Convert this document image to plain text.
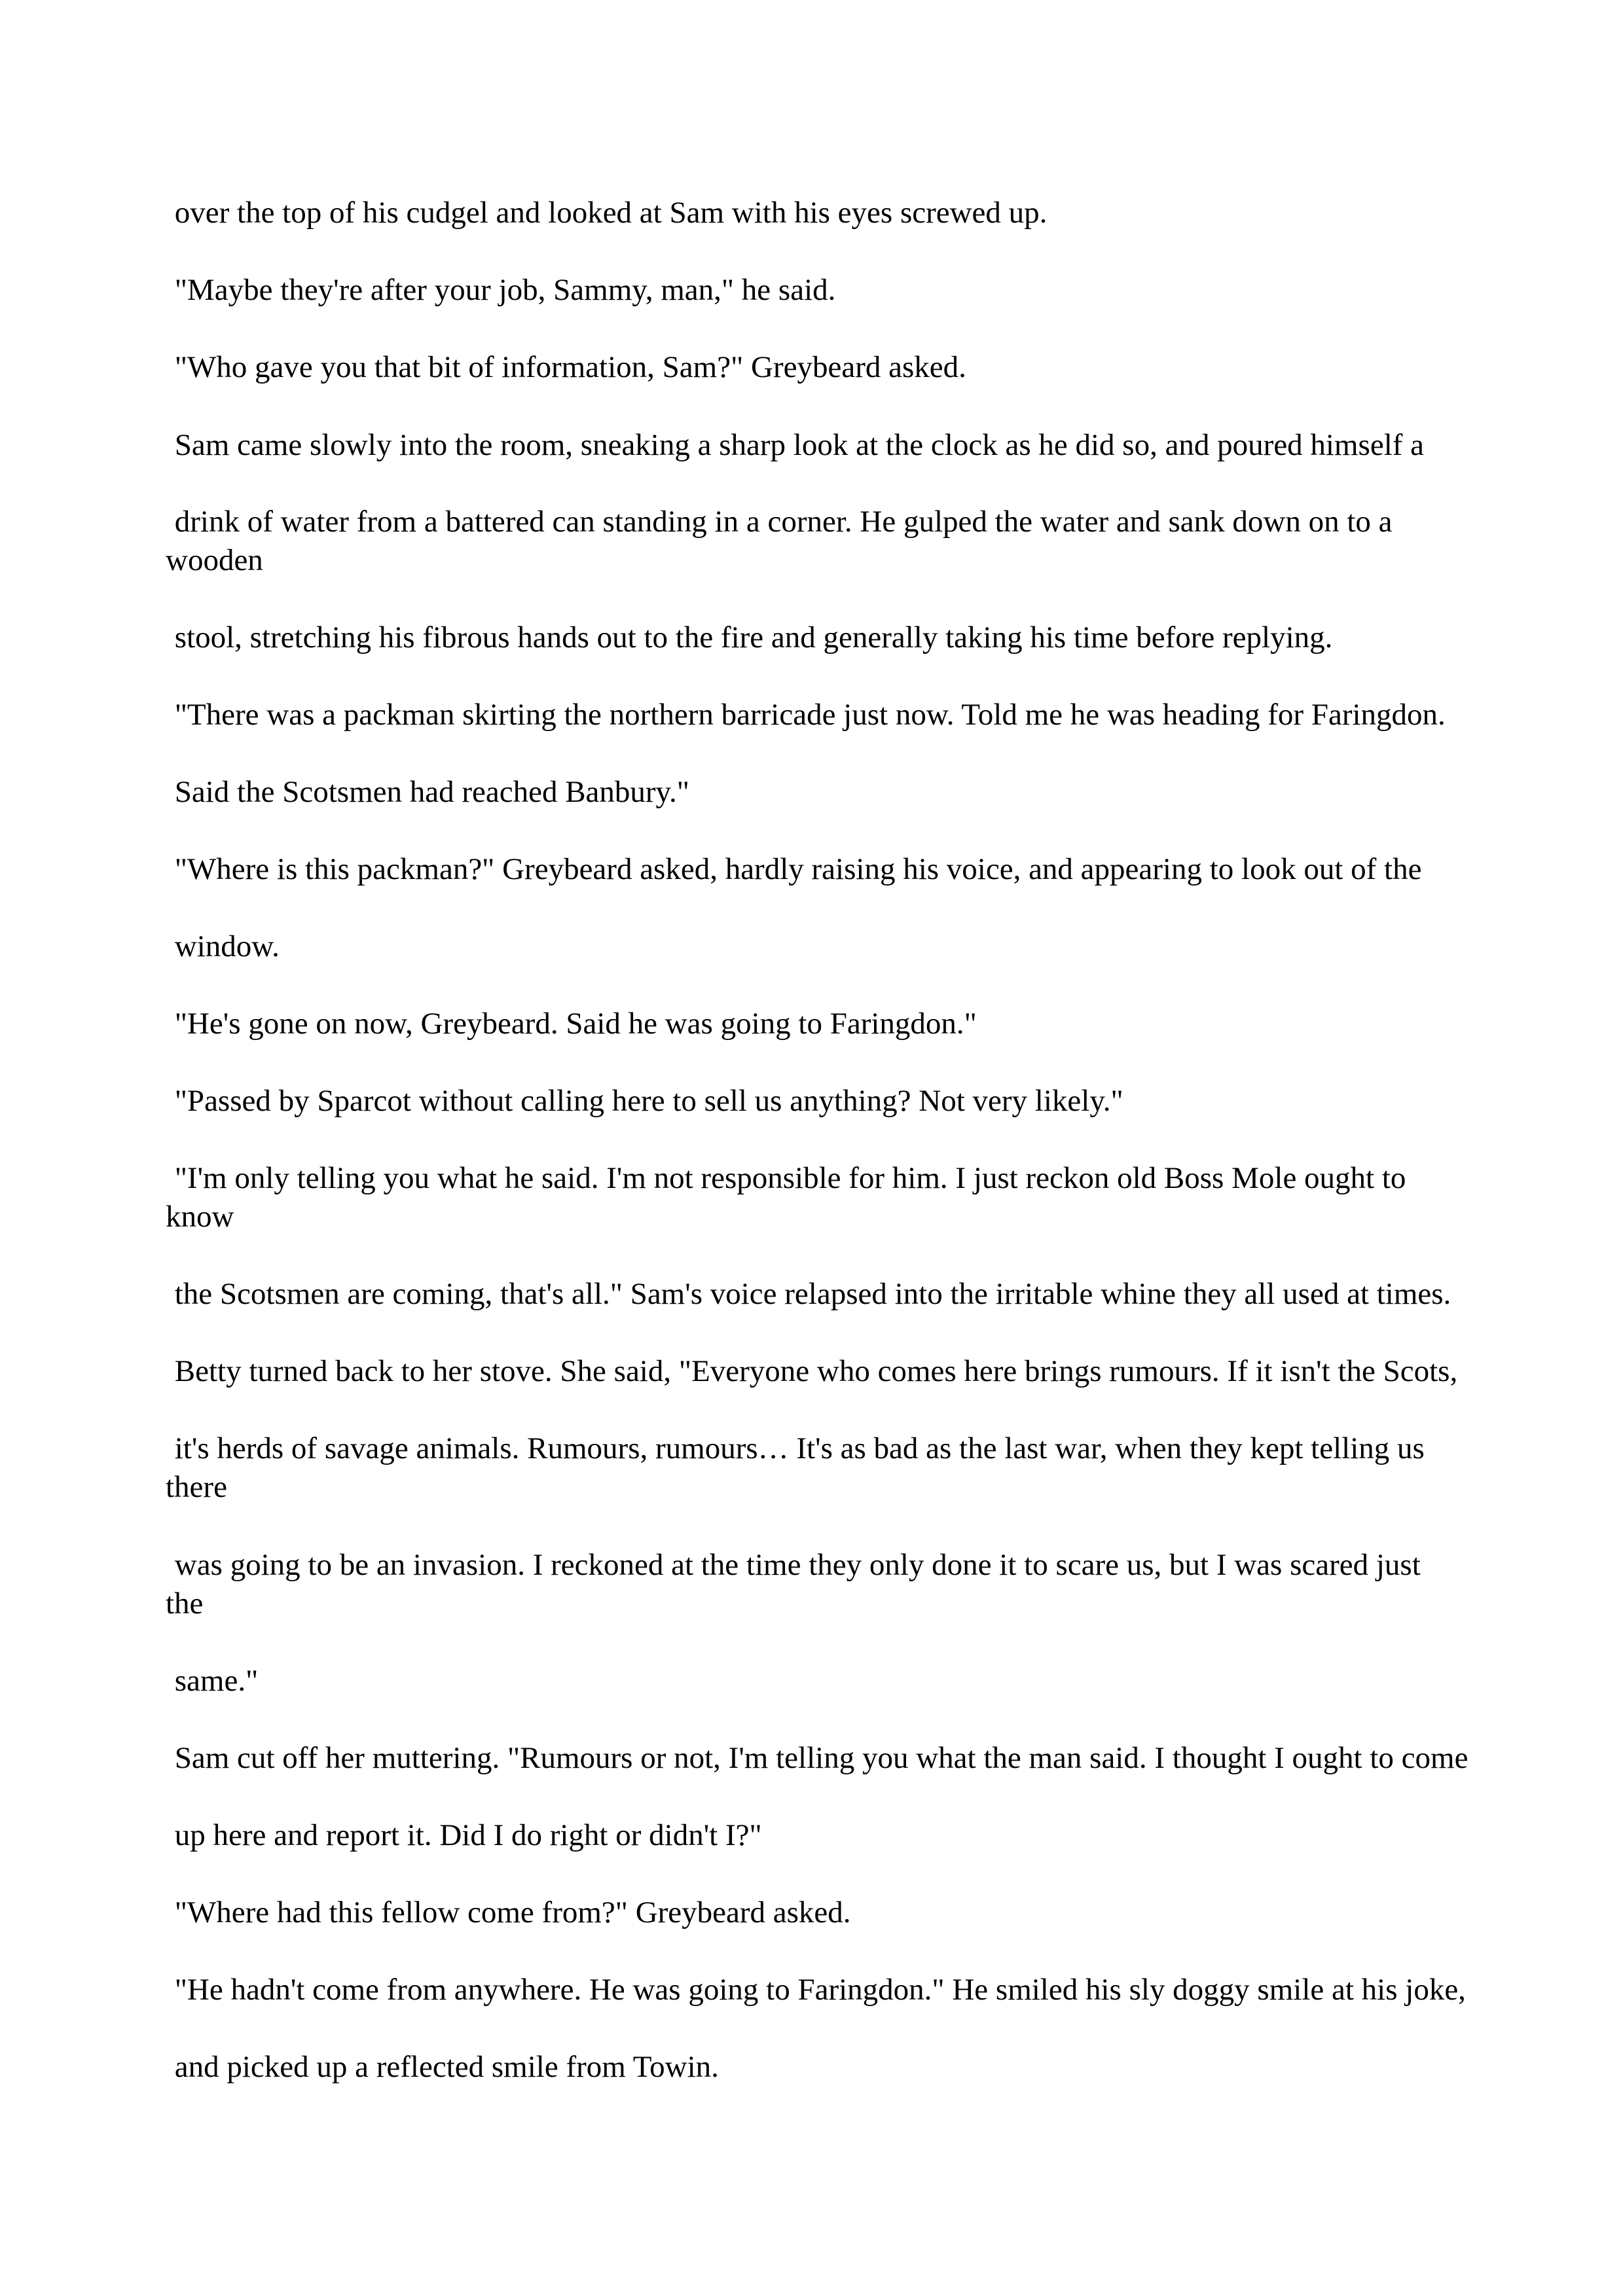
over the top of his cudgel and looked at Sam with his eyes screwed up.

"Maybe they're after your job, Sammy, man," he said.

"Who gave you that bit of information, Sam?" Greybeard asked.

Sam came slowly into the room, sneaking a sharp look at the clock as he did so, and poured himself a

drink of water from a battered can standing in a corner. He gulped the water and sank down on to a

wooden

stool, stretching his fibrous hands out to the fire and generally taking his time before replying.

"There was a packman skirting the northern barricade just now. Told me he was heading for Faringdon.

Said the Scotsmen had reached Banbury."

"Where is this packman?" Greybeard asked, hardly raising his voice, and appearing to look out of the

window.

"He's gone on now, Greybeard. Said he was going to Faringdon."

"Passed by Sparcot without calling here to sell us anything? Not very likely."

"I'm only telling you what he said. I'm not responsible for him. I just reckon old Boss Mole ought to

know

the Scotsmen are coming, that's all." Sam's voice relapsed into the irritable whine they all used at times.

Betty turned back to her stove. She said, "Everyone who comes here brings rumours. If it isn't the Scots,

it's herds of savage animals. Rumours, rumours… It's as bad as the last war, when they kept telling us

there

was going to be an invasion. I reckoned at the time they only done it to scare us, but I was scared just

the

same."

Sam cut off her muttering. "Rumours or not, I'm telling you what the man said. I thought I ought to come

up here and report it. Did I do right or didn't I?"

"Where had this fellow come from?" Greybeard asked.

"He hadn't come from anywhere. He was going to Faringdon." He smiled his sly doggy smile at his joke,

and picked up a reflected smile from Towin.
